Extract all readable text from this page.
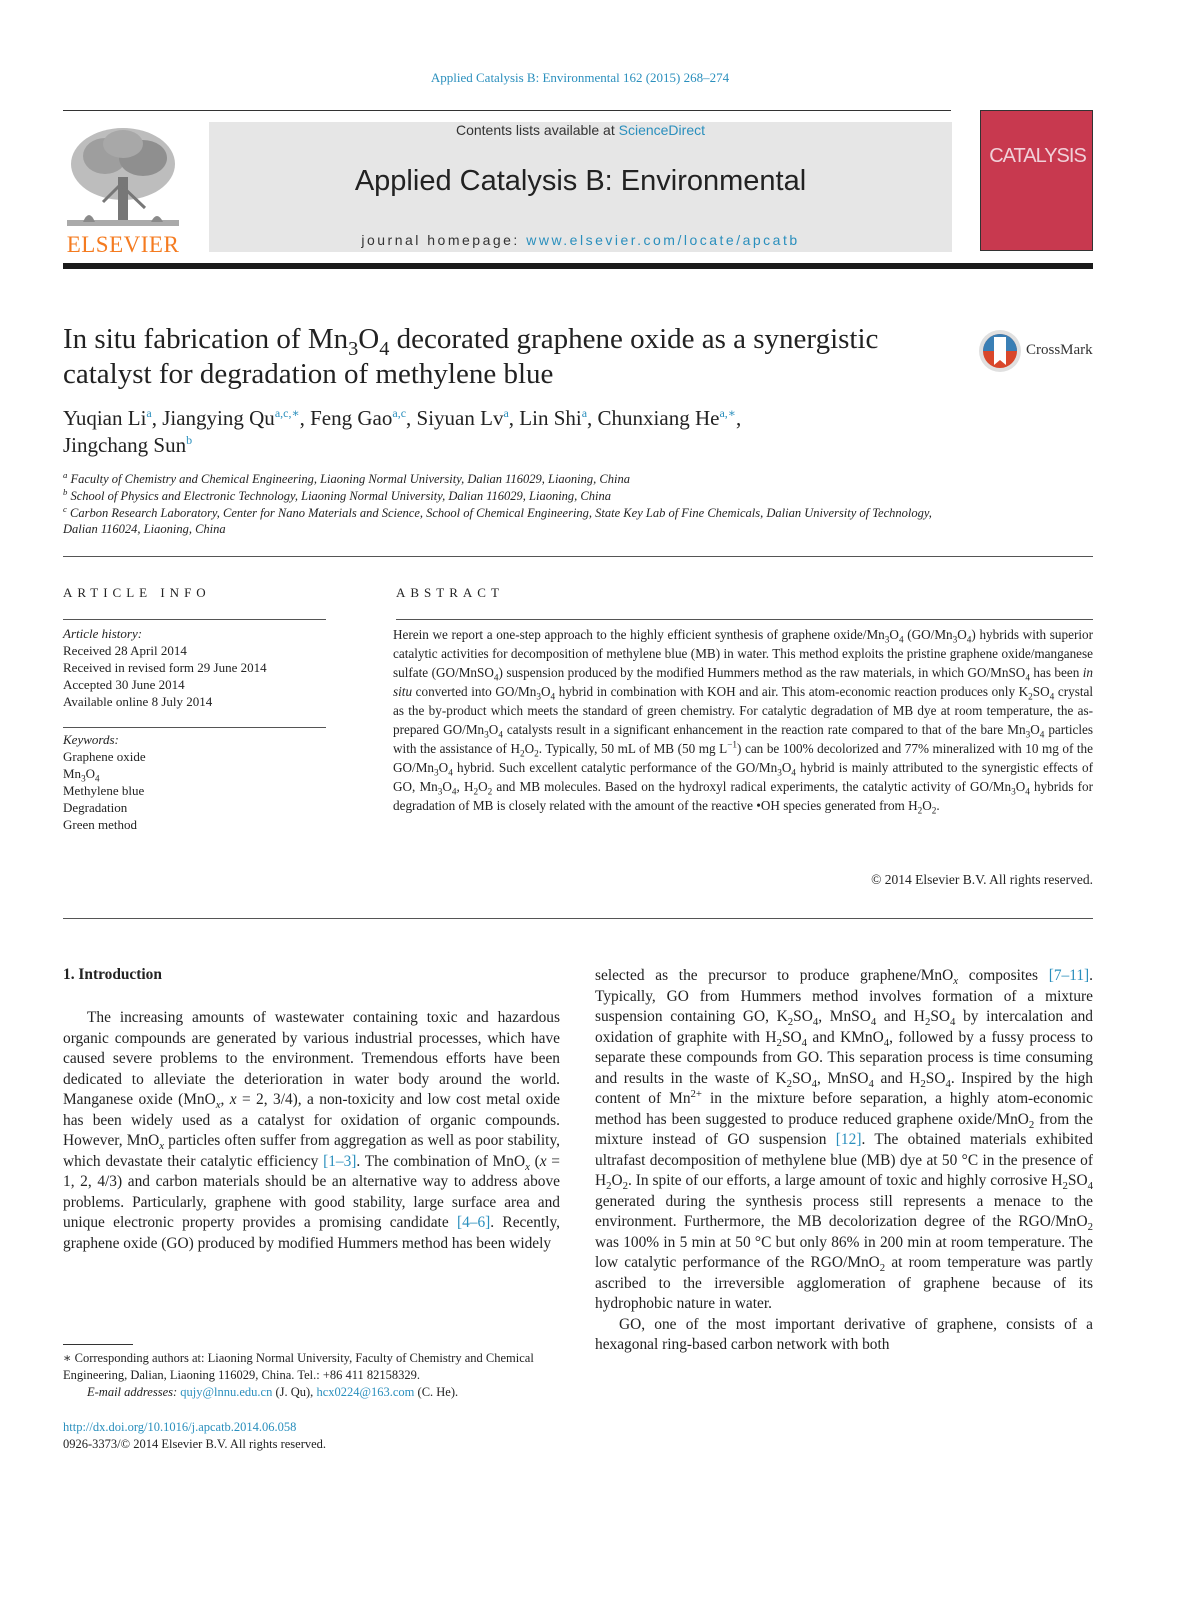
Applied Catalysis B: Environmental 162 (2015) 268–274
ELSEVIER
Contents lists available at ScienceDirect
Applied Catalysis B: Environmental
journal homepage: www.elsevier.com/locate/apcatb
CATALYSIS
In situ fabrication of $Mn_3O_4$ decorated graphene oxide as a synergistic catalyst for degradation of methylene blue
CrossMark
Yuqian Li$^a$, Jiangying $Qu^{a,c,∗}$, Feng Gao$^{a,c}$, Siyuan Lv$^a$, Lin Shi$^a$, Chunxiang $He^{a,∗}$,
Jingchang Sun$^b$
$^a$ Faculty of Chemistry and Chemical Engineering, Liaoning Normal University, Dalian 116029, Liaoning, China
$^b$ School of Physics and Electronic Technology, Liaoning Normal University, Dalian 116029, Liaoning, China
$^c$ Carbon Research Laboratory, Center for Nano Materials and Science, School of Chemical Engineering, State Key Lab of Fine Chemicals, Dalian University of Technology, Dalian 116024, Liaoning, China
ARTICLE INFO	ABSTRACT
Article history:
Received 28 April 2014
Received in revised form 29 June 2014
Accepted 30 June 2014
Available online 8 July 2014
Keywords:
Graphene oxide
$Mn_3O_4$
Methylene blue
Degradation
Green method
Herein we report a one-step approach to the highly efficient synthesis of graphene oxide/$Mn_3O_4$ $(GO/Mn_3O_4)$ hybrids with superior catalytic activities for decomposition of methylene blue (MB) in water. This method exploits the pristine graphene oxide/manganese sulfate (GO/MnSO$_4$) suspension produced by the modified Hummers method as the raw materials, in which GO/MnSO$_4$ has been in situ converted into $GO/Mn_3O_4$ hybrid in combination with KOH and air. This atom-economic reaction produces only $K_2SO_4$ crystal as the by-product which meets the standard of green chemistry. For catalytic degradation of MB dye at room temperature, the as-prepared $GO/Mn_3O_4$ catalysts result in a significant enhancement in the reaction rate compared to that of the bare $Mn_3O_4$ particles with the assistance of $H_2O_2$. Typically, 50 mL of MB (50 mg $L^{-1}$) can be 100% decolorized and 77% mineralized with 10 mg of the $GO/Mn_3O_4$ hybrid. Such excellent catalytic performance of the $GO/Mn_3O_4$ hybrid is mainly attributed to the synergistic effects of GO, $Mn_3O_4$, $H_2O_2$ and MB molecules. Based on the hydroxyl radical experiments, the catalytic activity of $GO/Mn_3O_4$ hybrids for degradation of MB is closely related with the amount of the reactive •OH species generated from $H_2O_2$.
© 2014 Elsevier B.V. All rights reserved.
1. Introduction

The increasing amounts of wastewater containing toxic and hazardous organic compounds are generated by various industrial processes, which have caused severe problems to the environment. Tremendous efforts have been dedicated to alleviate the deterioration in water body around the world. Manganese oxide (MnO$_x$, x = 2, 3/4), a non-toxicity and low cost metal oxide has been widely used as a catalyst for oxidation of organic compounds. However, MnO$_x$ particles often suffer from aggregation as well as poor stability, which devastate their catalytic efficiency [1–3]. The combination of MnO$_x$ (x = 1, 2, 4/3) and carbon materials should be an alternative way to address above problems. Particularly, graphene with good stability, large surface area and unique electronic property provides a promising candidate [4–6]. Recently, graphene oxide (GO) produced by modified Hummers method has been widely

selected as the precursor to produce graphene/MnO$_x$ composites [7–11]. Typically, GO from Hummers method involves formation of a mixture suspension containing GO, $K_2SO_4$, MnSO$_4$ and $H_2SO_4$ by intercalation and oxidation of graphite with $H_2SO_4$ and KMnO$_4$, followed by a fussy process to separate these compounds from GO. This separation process is time consuming and results in the waste of $K_2SO_4$, MnSO$_4$ and $H_2SO_4$. Inspired by the high content of $Mn^{2+}$ in the mixture before separation, a highly atom-economic method has been suggested to produce reduced graphene oxide/MnO$_2$ from the mixture instead of GO suspension [12]. The obtained materials exhibited ultrafast decomposition of methylene blue (MB) dye at 50 °C in the presence of $H_2O_2$. In spite of our efforts, a large amount of toxic and highly corrosive $H_2SO_4$ generated during the synthesis process still represents a menace to the environment. Furthermore, the MB decolorization degree of the RGO/MnO$_2$ was 100% in 5 min at 50 °C but only 86% in 200 min at room temperature. The low catalytic performance of the RGO/MnO$_2$ at room temperature was partly ascribed to the irreversible agglomeration of graphene because of its hydrophobic nature in water.

GO, one of the most important derivative of graphene, consists of a hexagonal ring-based carbon network with both

∗ Corresponding authors at: Liaoning Normal University, Faculty of Chemistry and Chemical Engineering, Dalian, Liaoning 116029, China. Tel.: +86 411 82158329.
E-mail addresses: qujy@lnnu.edu.cn (J. Qu), hcx0224@163.com (C. He).
http://dx.doi.org/10.1016/j.apcatb.2014.06.058
0926-3373/© 2014 Elsevier B.V. All rights reserved.
